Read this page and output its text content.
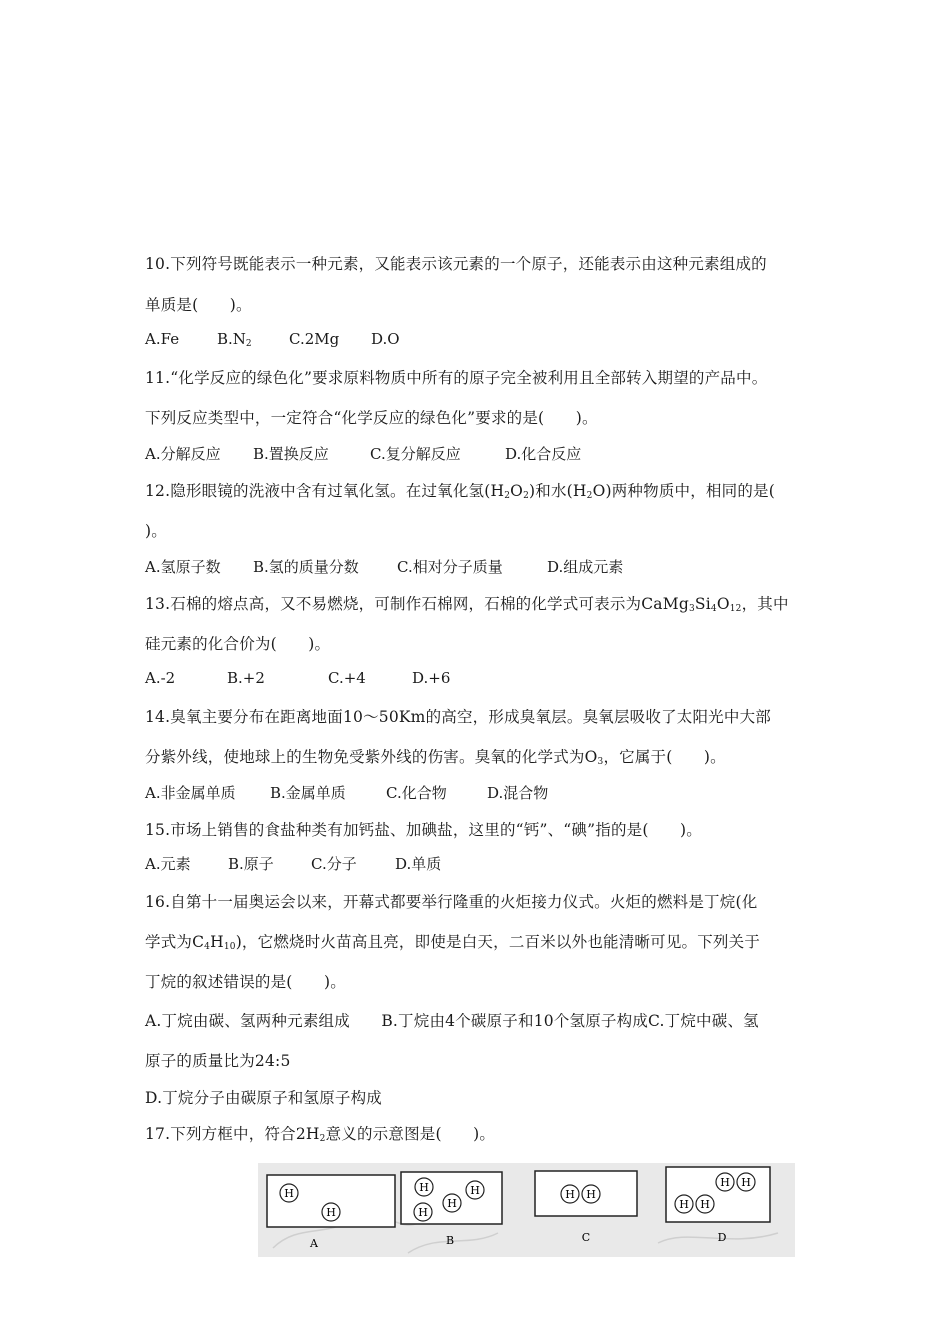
10.下列符号既能表示一种元素，又能表示该元素的一个原子，还能表示由这种元素组成的
单质是(　　)。
A.Fe	$B.N_2$ C.2Mg D.O
11.“化学反应的绿色化”要求原料物质中所有的原子完全被利用且全部转入期望的产品中。
下列反应类型中，一定符合“化学反应的绿色化”要求的是(　　)。
A.分解反应 B.置换反应	C.复分解反应	D.化合反应
12.隐形眼镜的洗液中含有过氧化氢。在过氧化氢$(H_2O_2)$和水$(H_2O)$两种物质中，相同的是(
)。
A.氢原子数 B.氢的质量分数	C.相对分子质量	D.组成元素
13.石棉的熔点高，又不易燃烧，可制作石棉网，石棉的化学式可表示为$CaMg_3Si_4O_{12}$，其中
硅元素的化合价为(　　)。
A.-2	B.+2	C.+4	D.+6
14.臭氧主要分布在距离地面10～50Km的高空，形成臭氧层。臭氧层吸收了太阳光中大部
分紫外线，使地球上的生物免受紫外线的伤害。臭氧的化学式为$O_3$，它属于(　　)。
A.非金属单质 B.金属单质	C.化合物	D.混合物
15.市场上销售的食盐种类有加钙盐、加碘盐，这里的“钙”、“碘”指的是(　　)。
A.元素 B.原子 C.分子	D.单质
16.自第十一届奥运会以来，开幕式都要举行隆重的火炬接力仪式。火炬的燃料是丁烷(化
学式为$C_4H_{10}$)，它燃烧时火苗高且亮，即使是白天，二百米以外也能清晰可见。下列关于
丁烷的叙述错误的是(　　)。
A.丁烷由碳、氢两种元素组成　　B.丁烷由4个碳原子和10个氢原子构成C.丁烷中碳、氢
原子的质量比为24:5
D.丁烷分子由碳原子和氢原子构成
17.下列方框中，符合$2H_2$意义的示意图是(　　)。
H
H
A
H
H
H
H
B
H H
C
H H
H H
D
